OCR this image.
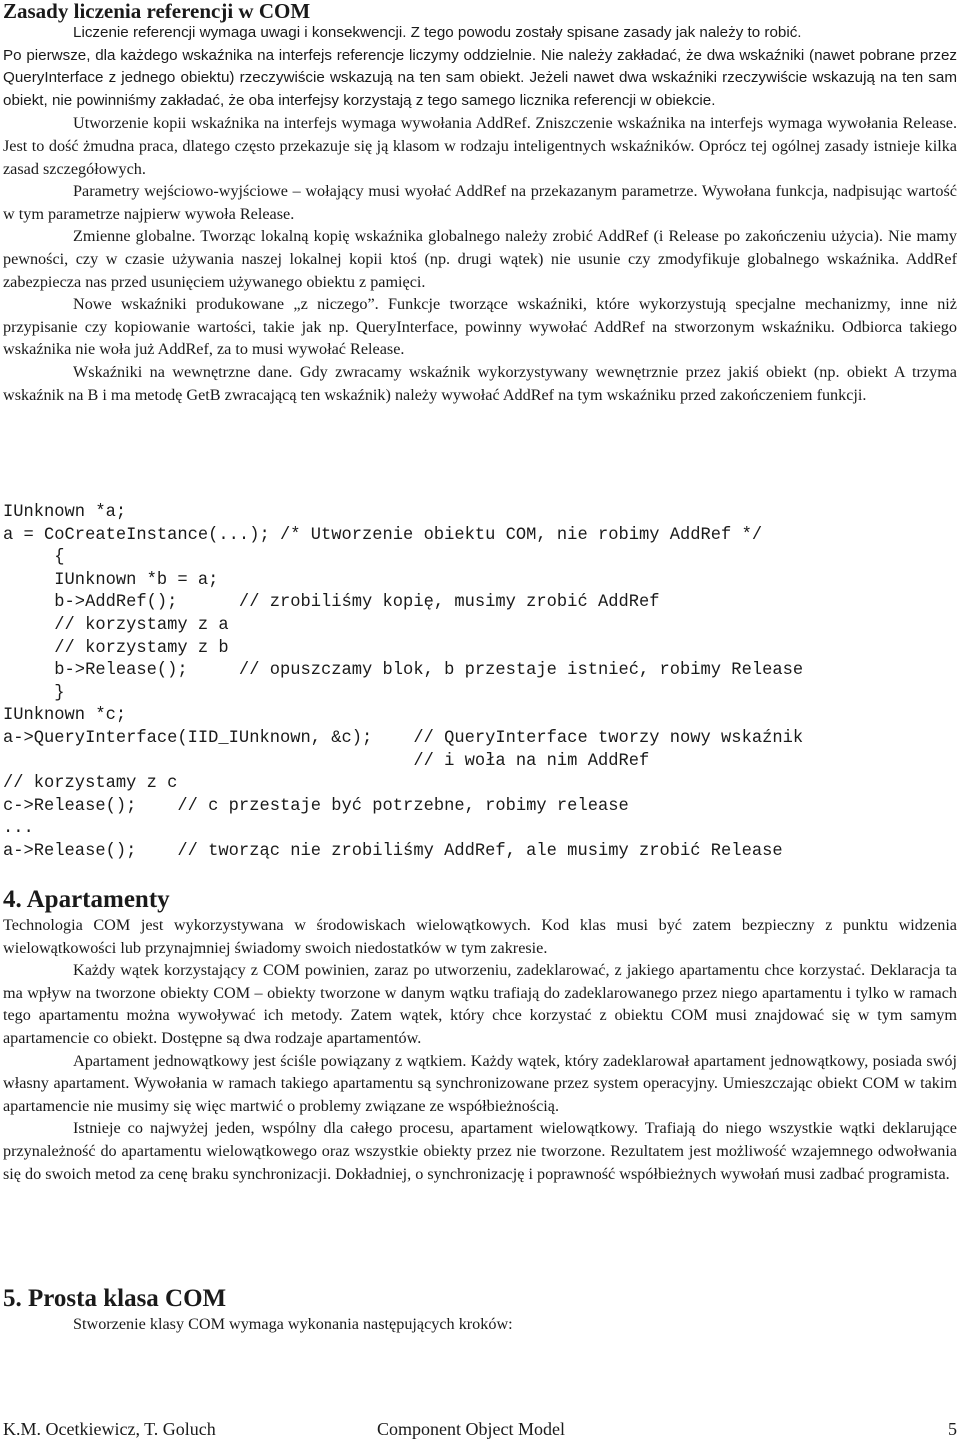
Zasady liczenia referencji w COM

Liczenie referencji wymaga uwagi i konsekwencji. Z tego powodu zostały spisane zasady jak należy to robić.

Po pierwsze, dla każdego wskaźnika na interfejs referencje liczymy oddzielnie. Nie należy zakładać, że dwa wskaźniki (nawet pobrane przez QueryInterface z jednego obiektu) rzeczywiście wskazują na ten sam obiekt. Jeżeli nawet dwa wskaźniki rzeczywiście wskazują na ten sam obiekt, nie powinniśmy zakładać, że oba interfejsy korzystają z tego samego licznika referencji w obiekcie.

Utworzenie kopii wskaźnika na interfejs wymaga wywołania AddRef. Zniszczenie wskaźnika na interfejs wymaga wywołania Release. Jest to dość żmudna praca, dlatego często przekazuje się ją klasom w rodzaju inteligentnych wskaźników. Oprócz tej ogólnej zasady istnieje kilka zasad szczegółowych.

Parametry wejściowo-wyjściowe – wołający musi wyołać AddRef na przekazanym parametrze. Wywołana funkcja, nadpisując wartość w tym parametrze najpierw wywoła Release.

Zmienne globalne. Tworząc lokalną kopię wskaźnika globalnego należy zrobić AddRef (i Release po zakończeniu użycia). Nie mamy pewności, czy w czasie używania naszej lokalnej kopii ktoś (np. drugi wątek) nie usunie czy zmodyfikuje globalnego wskaźnika. AddRef zabezpiecza nas przed usunięciem używanego obiektu z pamięci.

Nowe wskaźniki produkowane „z niczego”. Funkcje tworzące wskaźniki, które wykorzystują specjalne mechanizmy, inne niż przypisanie czy kopiowanie wartości, takie jak np. QueryInterface, powinny wywołać AddRef na stworzonym wskaźniku. Odbiorca takiego wskaźnika nie woła już AddRef, za to musi wywołać Release.

Wskaźniki na wewnętrzne dane. Gdy zwracamy wskaźnik wykorzystywany wewnętrznie przez jakiś obiekt (np. obiekt A trzyma wskaźnik na B i ma metodę GetB zwracającą ten wskaźnik) należy wywołać AddRef na tym wskaźniku przed zakończeniem funkcji.

IUnknown *a;
a = CoCreateInstance(...); /* Utworzenie obiektu COM, nie robimy AddRef */
{
IUnknown *b = a;
b->AddRef();      // zrobiliśmy kopię, musimy zrobić AddRef
// korzystamy z a
// korzystamy z b
b->Release();     // opuszczamy blok, b przestaje istnieć, robimy Release
}
IUnknown *c;
a->QueryInterface(IID_IUnknown, &c);    // QueryInterface tworzy nowy wskaźnik
// i woła na nim AddRef
// korzystamy z c
c->Release();    // c przestaje być potrzebne, robimy release
...
a->Release();    // tworząc nie zrobiliśmy AddRef, ale musimy zrobić Release
4. Apartamenty

Technologia COM jest wykorzystywana w środowiskach wielowątkowych. Kod klas musi być zatem bezpieczny z punktu widzenia wielowątkowości lub przynajmniej świadomy swoich niedostatków w tym zakresie.

Każdy wątek korzystający z COM powinien, zaraz po utworzeniu, zadeklarować, z jakiego apartamentu chce korzystać. Deklaracja ta ma wpływ na tworzone obiekty COM – obiekty tworzone w danym wątku trafiają do zadeklarowanego przez niego apartamentu i tylko w ramach tego apartamentu można wywoływać ich metody. Zatem wątek, który chce korzystać z obiektu COM musi znajdować się w tym samym apartamencie co obiekt. Dostępne są dwa rodzaje apartamentów.

Apartament jednowątkowy jest ściśle powiązany z wątkiem. Każdy wątek, który zadeklarował apartament jednowątkowy, posiada swój własny apartament. Wywołania w ramach takiego apartamentu są synchronizowane przez system operacyjny. Umieszczając obiekt COM w takim apartamencie nie musimy się więc martwić o problemy związane ze współbieżnością.

Istnieje co najwyżej jeden, wspólny dla całego procesu, apartament wielowątkowy. Trafiają do niego wszystkie wątki deklarujące przynależność do apartamentu wielowątkowego oraz wszystkie obiekty przez nie tworzone. Rezultatem jest możliwość wzajemnego odwołwania się do swoich metod za cenę braku synchronizacji. Dokładniej, o synchronizację i poprawność współbieżnych wywołań musi zadbać programista.

5. Prosta klasa COM

Stworzenie klasy COM wymaga wykonania następujących kroków:

K.M. Ocetkiewicz, T. Goluch	Component Object Model	5
